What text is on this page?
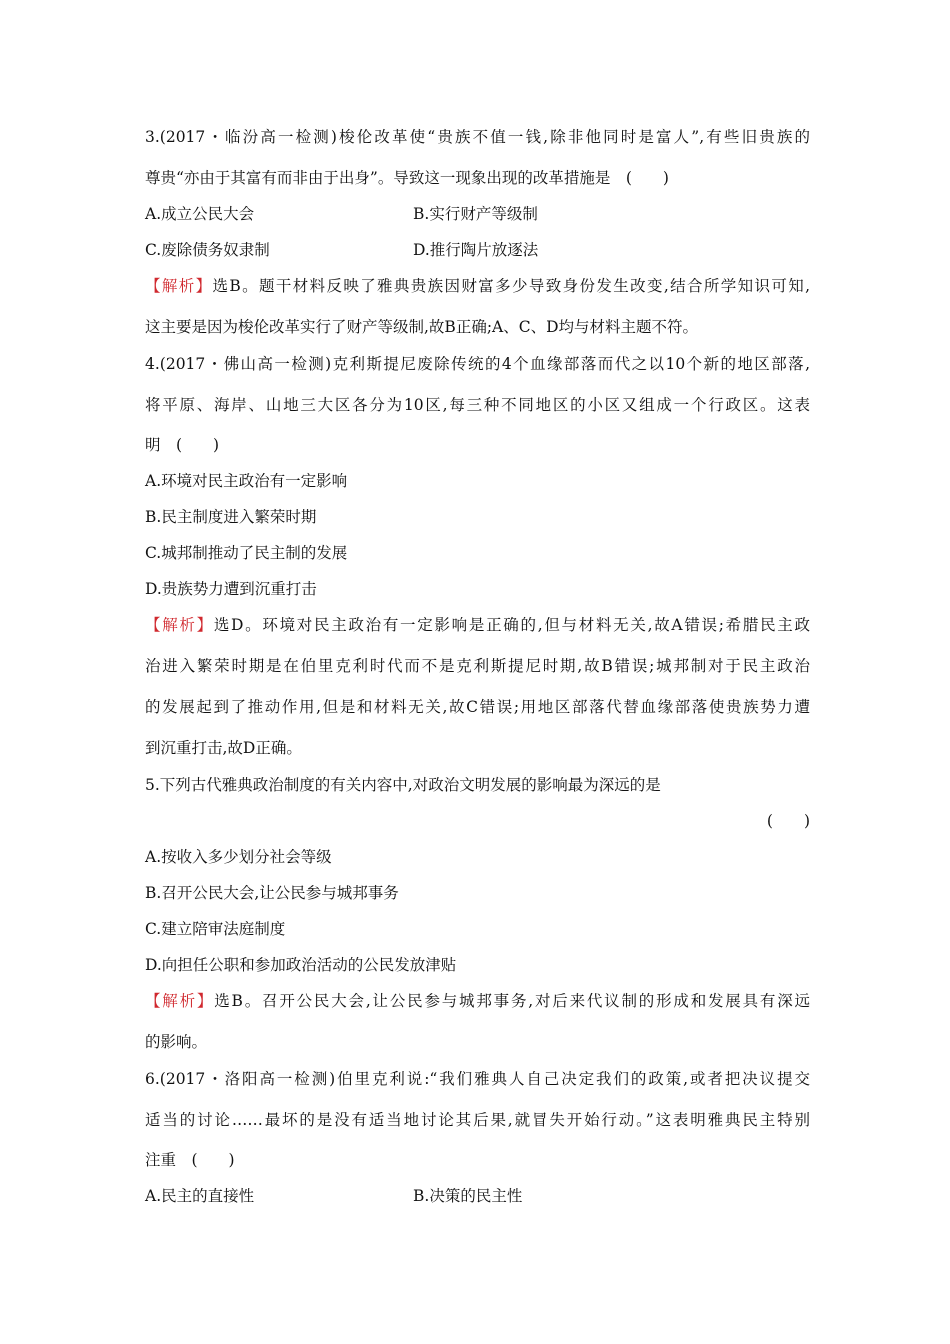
3.(2017・临汾高一检测)梭伦改革使“贵族不值一钱,除非他同时是富人”,有些旧贵族的
尊贵“亦由于其富有而非由于出身”。导致这一现象出现的改革措施是　(　　)
A.成立公民大会	B.实行财产等级制
C.废除债务奴隶制	D.推行陶片放逐法
【解析】选B。题干材料反映了雅典贵族因财富多少导致身份发生改变,结合所学知识可知,
这主要是因为梭伦改革实行了财产等级制,故B正确;A、C、D均与材料主题不符。
4.(2017・佛山高一检测)克利斯提尼废除传统的4个血缘部落而代之以10个新的地区部落,
将平原、海岸、山地三大区各分为10区,每三种不同地区的小区又组成一个行政区。这表
明　(　　)
A.环境对民主政治有一定影响
B.民主制度进入繁荣时期
C.城邦制推动了民主制的发展
D.贵族势力遭到沉重打击
【解析】选D。环境对民主政治有一定影响是正确的,但与材料无关,故A错误;希腊民主政
治进入繁荣时期是在伯里克利时代而不是克利斯提尼时期,故B错误;城邦制对于民主政治
的发展起到了推动作用,但是和材料无关,故C错误;用地区部落代替血缘部落使贵族势力遭
到沉重打击,故D正确。
5.下列古代雅典政治制度的有关内容中,对政治文明发展的影响最为深远的是
(　　)
A.按收入多少划分社会等级
B.召开公民大会,让公民参与城邦事务
C.建立陪审法庭制度
D.向担任公职和参加政治活动的公民发放津贴
【解析】选B。召开公民大会,让公民参与城邦事务,对后来代议制的形成和发展具有深远
的影响。
6.(2017・洛阳高一检测)伯里克利说:“我们雅典人自己决定我们的政策,或者把决议提交
适当的讨论……最坏的是没有适当地讨论其后果,就冒失开始行动。”这表明雅典民主特别
注重　(　　)
A.民主的直接性	B.决策的民主性
